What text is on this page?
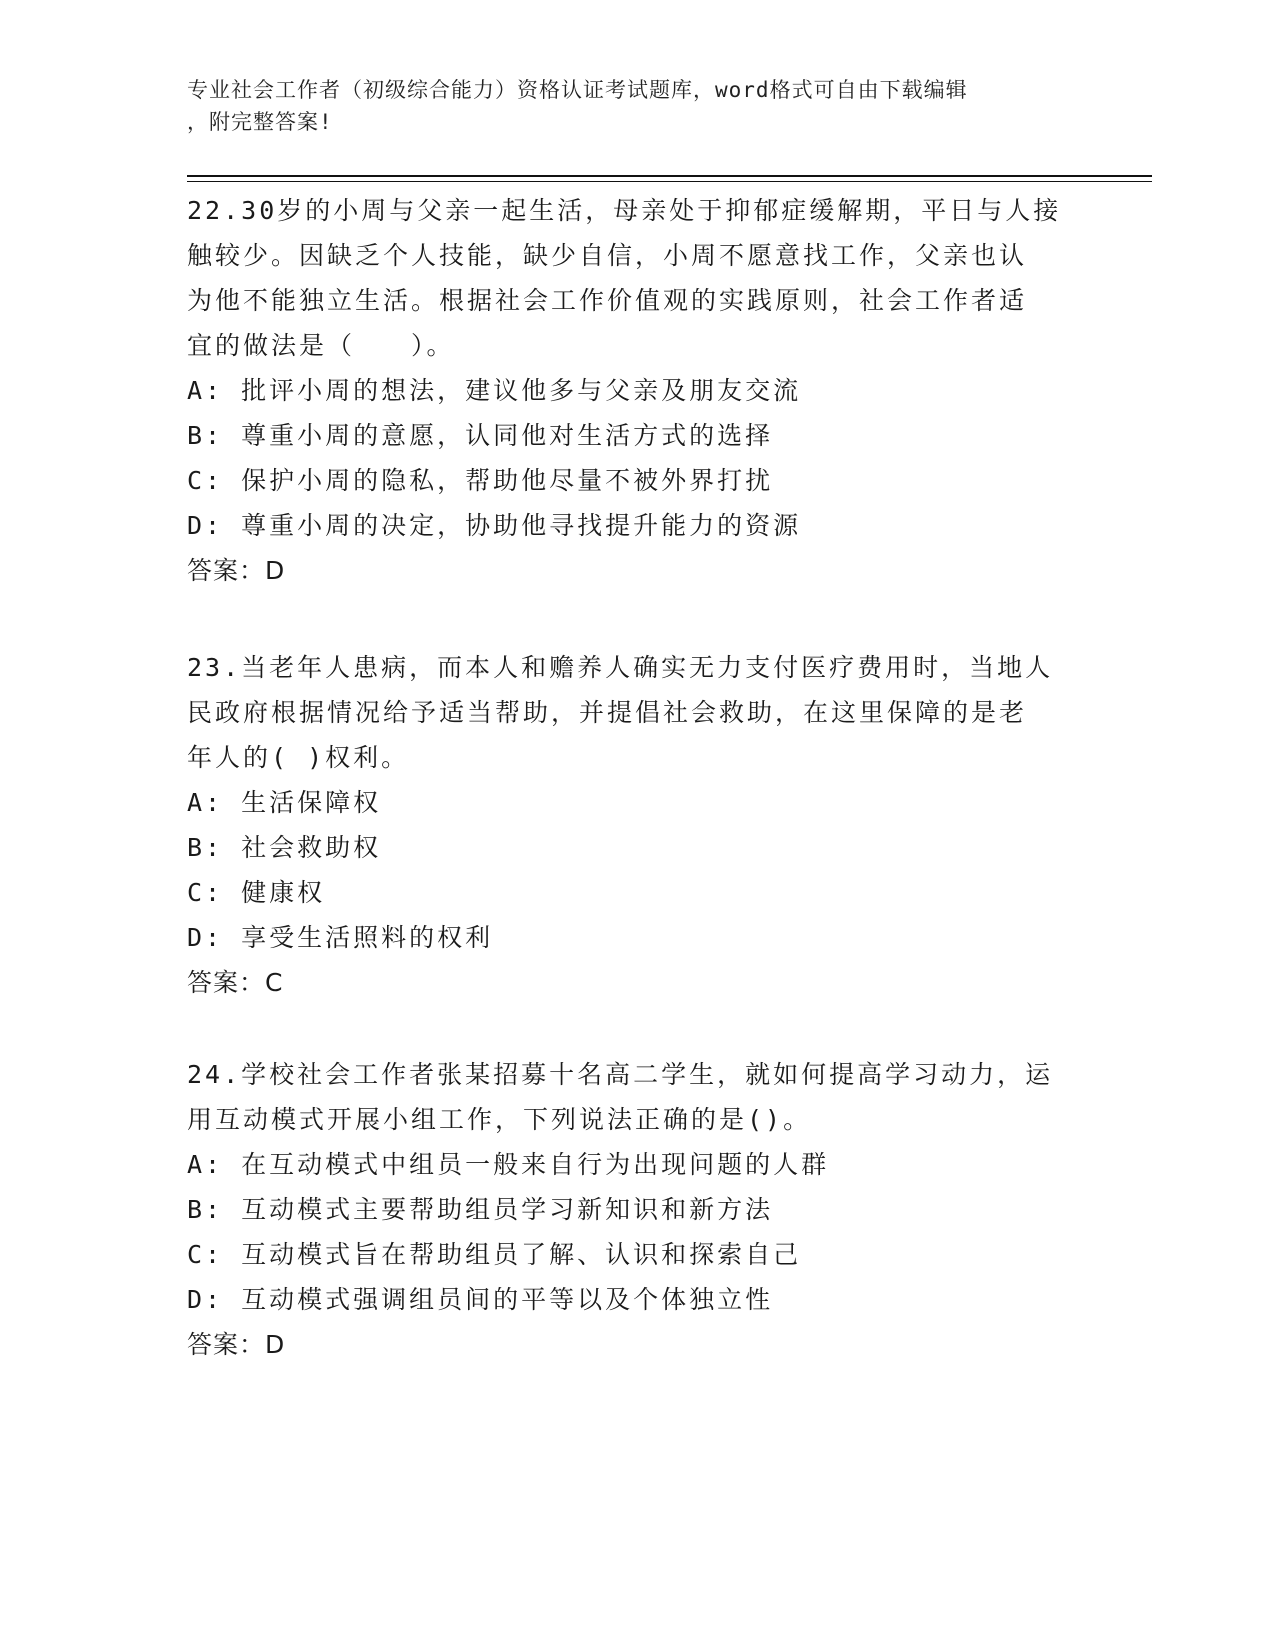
专业社会工作者（初级综合能力）资格认证考试题库，word格式可自由下载编辑
，附完整答案!
22.30岁的小周与父亲一起生活，母亲处于抑郁症缓解期，平日与人接
触较少。因缺乏个人技能，缺少自信，小周不愿意找工作，父亲也认
为他不能独立生活。根据社会工作价值观的实践原则，社会工作者适
宜的做法是（　　）。
A: 批评小周的想法，建议他多与父亲及朋友交流
B: 尊重小周的意愿，认同他对生活方式的选择
C: 保护小周的隐私，帮助他尽量不被外界打扰
D: 尊重小周的决定，协助他寻找提升能力的资源
答案：D
23.当老年人患病，而本人和赡养人确实无力支付医疗费用时，当地人
民政府根据情况给予适当帮助，并提倡社会救助，在这里保障的是老
年人的( )权利。
A: 生活保障权
B: 社会救助权
C: 健康权
D: 享受生活照料的权利
答案：C
24.学校社会工作者张某招募十名高二学生，就如何提高学习动力，运
用互动模式开展小组工作，下列说法正确的是()。
A: 在互动模式中组员一般来自行为出现问题的人群
B: 互动模式主要帮助组员学习新知识和新方法
C: 互动模式旨在帮助组员了解、认识和探索自己
D: 互动模式强调组员间的平等以及个体独立性
答案：D
